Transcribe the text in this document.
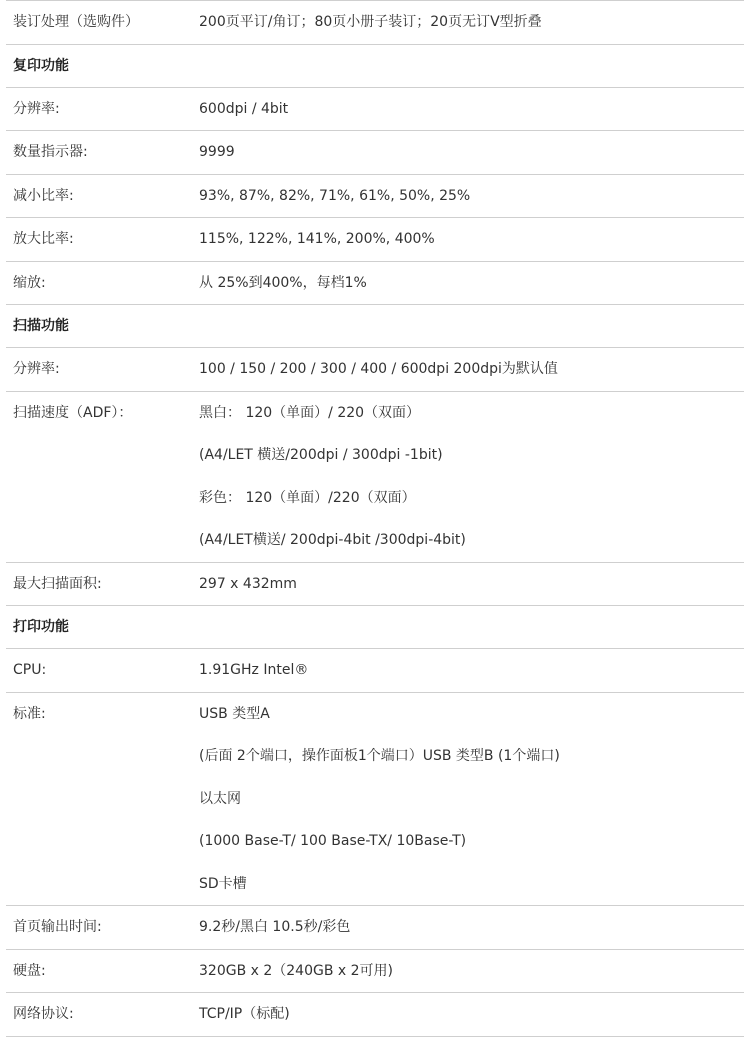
装订处理（选购件）	200页平订/角订；80页小册子装订；20页无订V型折叠

复印功能	
分辨率:	600dpi / 4bit

数量指示器:	9999

减小比率:	93%, 87%, 82%, 71%, 61%, 50%, 25%

放大比率:	115%, 122%, 141%, 200%, 400%

缩放:	从 25%到400%，每档1%

扫描功能	
分辨率:	100 / 150 / 200 / 300 / 400 / 600dpi 200dpi为默认值

扫描速度（ADF）：	黑白： 120（单面）/ 220（双面）
(A4/LET 横送/200dpi / 300dpi -1bit)
彩色： 120（单面）/220（双面）
(A4/LET横送/ 200dpi-4bit /300dpi-4bit)

最大扫描面积:	297 x 432mm

打印功能	
CPU:	1.91GHz Intel®

标准:	USB 类型A
(后面 2个端口，操作面板1个端口）USB 类型B (1个端口)
以太网
(1000 Base-T/ 100 Base-TX/ 10Base-T)
SD卡槽

首页输出时间:	9.2秒/黑白 10.5秒/彩色

硬盘:	320GB x 2（240GB x 2可用)

网络协议:	TCP/IP（标配)
